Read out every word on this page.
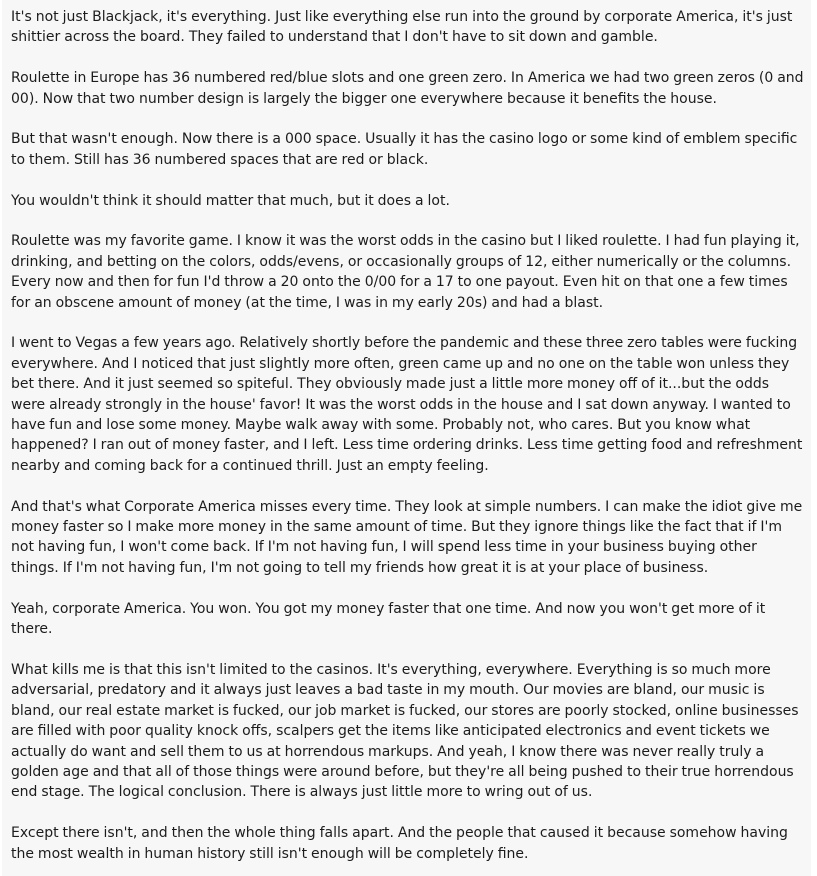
It's not just Blackjack, it's everything. Just like everything else run into the ground by corporate America, it's just shittier across the board. They failed to understand that I don't have to sit down and gamble.

Roulette in Europe has 36 numbered red/blue slots and one green zero. In America we had two green zeros (0 and 00). Now that two number design is largely the bigger one everywhere because it benefits the house.

But that wasn't enough. Now there is a 000 space. Usually it has the casino logo or some kind of emblem specific to them. Still has 36 numbered spaces that are red or black.

You wouldn't think it should matter that much, but it does a lot.

Roulette was my favorite game. I know it was the worst odds in the casino but I liked roulette. I had fun playing it, drinking, and betting on the colors, odds/evens, or occasionally groups of 12, either numerically or the columns. Every now and then for fun I'd throw a 20 onto the 0/00 for a 17 to one payout. Even hit on that one a few times for an obscene amount of money (at the time, I was in my early 20s) and had a blast.

I went to Vegas a few years ago. Relatively shortly before the pandemic and these three zero tables were fucking everywhere. And I noticed that just slightly more often, green came up and no one on the table won unless they bet there. And it just seemed so spiteful. They obviously made just a little more money off of it...but the odds were already strongly in the house' favor! It was the worst odds in the house and I sat down anyway. I wanted to have fun and lose some money. Maybe walk away with some. Probably not, who cares. But you know what happened? I ran out of money faster, and I left. Less time ordering drinks. Less time getting food and refreshment nearby and coming back for a continued thrill. Just an empty feeling.

And that's what Corporate America misses every time. They look at simple numbers. I can make the idiot give me money faster so I make more money in the same amount of time. But they ignore things like the fact that if I'm not having fun, I won't come back. If I'm not having fun, I will spend less time in your business buying other things. If I'm not having fun, I'm not going to tell my friends how great it is at your place of business.

Yeah, corporate America. You won. You got my money faster that one time. And now you won't get more of it there.

What kills me is that this isn't limited to the casinos. It's everything, everywhere. Everything is so much more adversarial, predatory and it always just leaves a bad taste in my mouth. Our movies are bland, our music is bland, our real estate market is fucked, our job market is fucked, our stores are poorly stocked, online businesses are filled with poor quality knock offs, scalpers get the items like anticipated electronics and event tickets we actually do want and sell them to us at horrendous markups. And yeah, I know there was never really truly a golden age and that all of those things were around before, but they're all being pushed to their true horrendous end stage. The logical conclusion. There is always just little more to wring out of us.

Except there isn't, and then the whole thing falls apart. And the people that caused it because somehow having the most wealth in human history still isn't enough will be completely fine.
